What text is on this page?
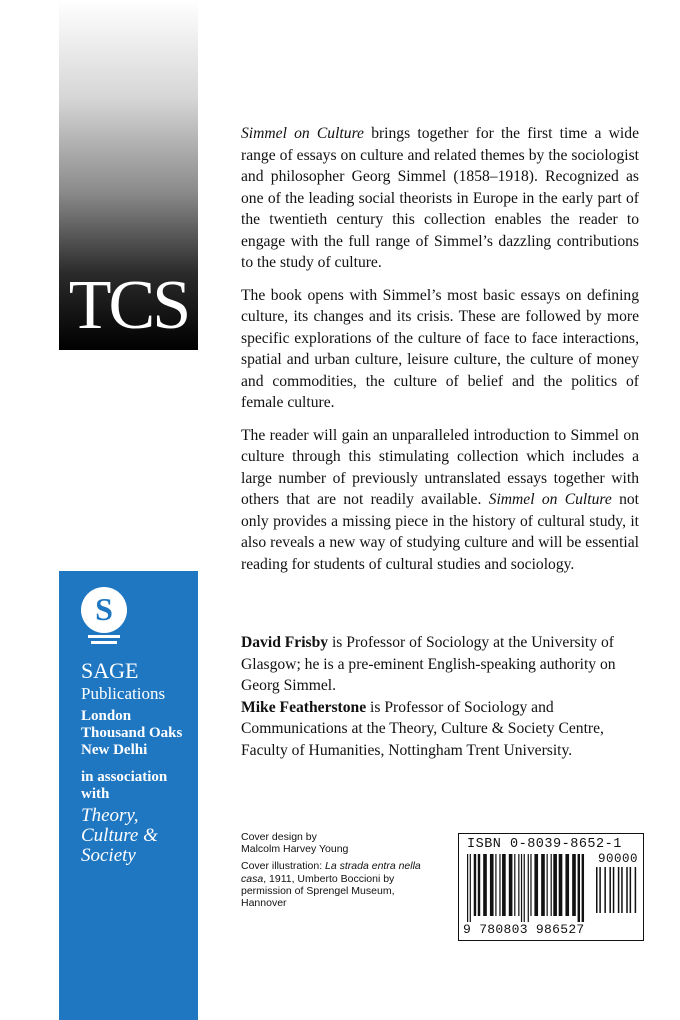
TCS
S
SAGE
Publications
London
Thousand Oaks
New Delhi
in association
with
Theory,
Culture &
Society

Simmel on Culture brings together for the first time a wide range of essays on culture and related themes by the sociologist and philosopher Georg Simmel (1858–1918). Recognized as one of the leading social theorists in Europe in the early part of the twentieth century this collection enables the reader to engage with the full range of Simmel’s dazzling contributions to the study of culture.

The book opens with Simmel’s most basic essays on defining culture, its changes and its crisis. These are followed by more specific explorations of the culture of face to face interactions, spatial and urban culture, leisure culture, the culture of money and commodities, the culture of belief and the politics of female culture.

The reader will gain an unparalleled introduction to Simmel on culture through this stimulating collection which includes a large number of previously untranslated essays together with others that are not readily available. Simmel on Culture not only provides a missing piece in the history of cultural study, it also reveals a new way of studying culture and will be essential reading for students of cultural studies and sociology.

David Frisby is Professor of Sociology at the University of Glasgow; he is a pre-eminent English-speaking authority on Georg Simmel.

Mike Featherstone is Professor of Sociology and Communications at the Theory, Culture & Society Centre, Faculty of Humanities, Nottingham Trent University.

Cover design by
Malcolm Harvey Young

Cover illustration: La strada entra nella casa, 1911, Umberto Boccioni by permission of Sprengel Museum, Hannover

ISBN 0-8039-8652-1
90000
9 780803 986527
